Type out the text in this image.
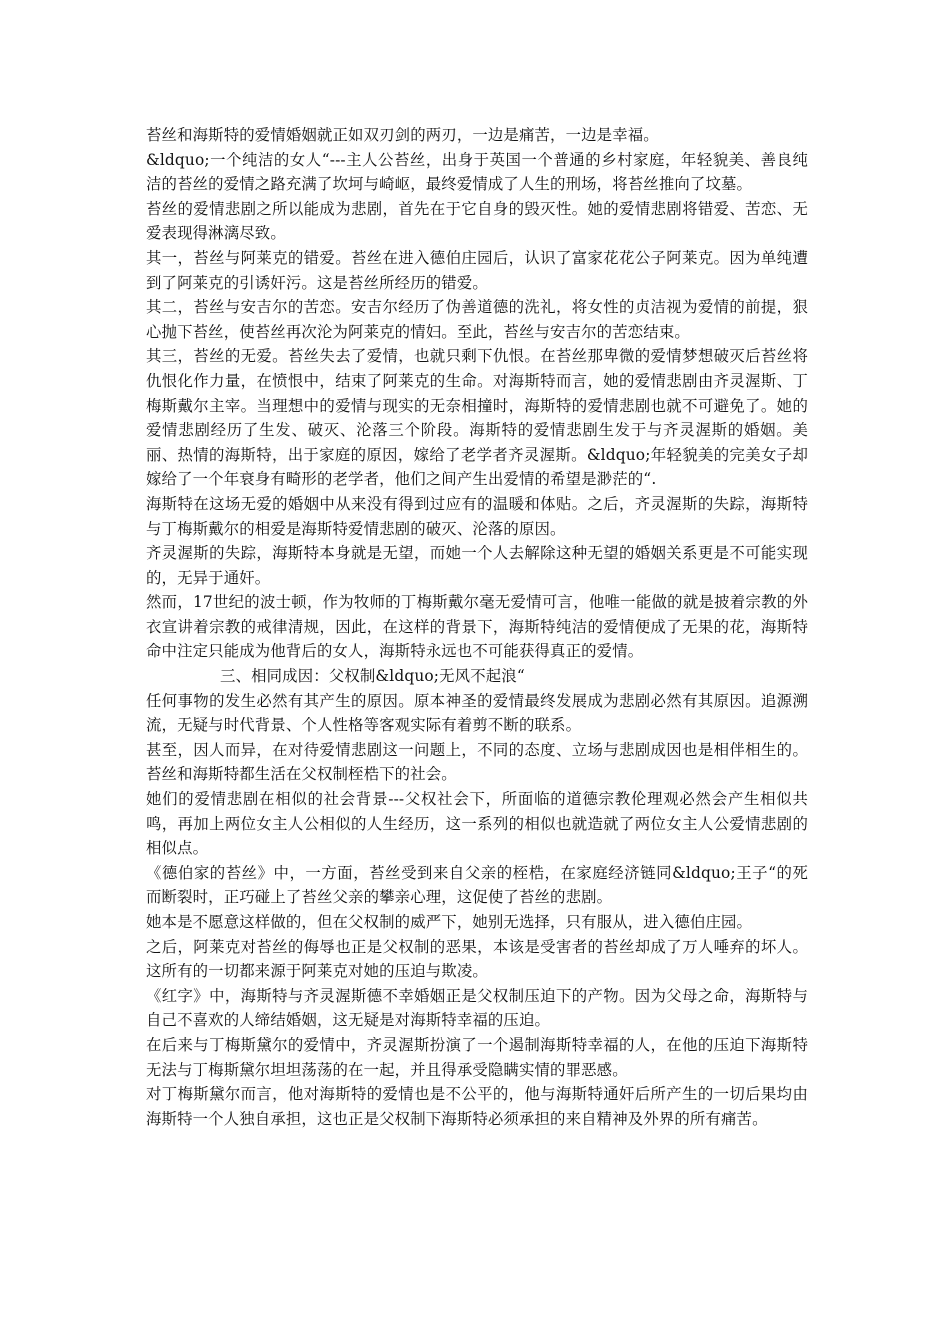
苔丝和海斯特的爱情婚姻就正如双刃剑的两刃，一边是痛苦，一边是幸福。

&ldquo;一个纯洁的女人“---主人公苔丝，出身于英国一个普通的乡村家庭，年轻貌美、善良纯洁的苔丝的爱情之路充满了坎坷与崎岖，最终爱情成了人生的刑场，将苔丝推向了坟墓。

苔丝的爱情悲剧之所以能成为悲剧，首先在于它自身的毁灭性。她的爱情悲剧将错爱、苦恋、无爱表现得淋漓尽致。

其一，苔丝与阿莱克的错爱。苔丝在进入德伯庄园后，认识了富家花花公子阿莱克。因为单纯遭到了阿莱克的引诱奸污。这是苔丝所经历的错爱。

其二，苔丝与安吉尔的苦恋。安吉尔经历了伪善道德的洗礼，将女性的贞洁视为爱情的前提，狠心抛下苔丝，使苔丝再次沦为阿莱克的情妇。至此，苔丝与安吉尔的苦恋结束。

其三，苔丝的无爱。苔丝失去了爱情，也就只剩下仇恨。在苔丝那卑微的爱情梦想破灭后苔丝将仇恨化作力量，在愤恨中，结束了阿莱克的生命。对海斯特而言，她的爱情悲剧由齐灵渥斯、丁梅斯戴尔主宰。当理想中的爱情与现实的无奈相撞时，海斯特的爱情悲剧也就不可避免了。她的爱情悲剧经历了生发、破灭、沦落三个阶段。海斯特的爱情悲剧生发于与齐灵渥斯的婚姻。美丽、热情的海斯特，出于家庭的原因，嫁给了老学者齐灵渥斯。&ldquo;年轻貌美的完美女子却嫁给了一个年衰身有畸形的老学者，他们之间产生出爱情的希望是渺茫的“.

海斯特在这场无爱的婚姻中从来没有得到过应有的温暖和体贴。之后，齐灵渥斯的失踪，海斯特与丁梅斯戴尔的相爱是海斯特爱情悲剧的破灭、沦落的原因。

齐灵渥斯的失踪，海斯特本身就是无望，而她一个人去解除这种无望的婚姻关系更是不可能实现的，无异于通奸。

然而，17世纪的波士顿，作为牧师的丁梅斯戴尔毫无爱情可言，他唯一能做的就是披着宗教的外衣宣讲着宗教的戒律清规，因此，在这样的背景下，海斯特纯洁的爱情便成了无果的花，海斯特命中注定只能成为他背后的女人，海斯特永远也不可能获得真正的爱情。

三、相同成因：父权制&ldquo;无风不起浪“

任何事物的发生必然有其产生的原因。原本神圣的爱情最终发展成为悲剧必然有其原因。追源溯流，无疑与时代背景、个人性格等客观实际有着剪不断的联系。

甚至，因人而异，在对待爱情悲剧这一问题上，不同的态度、立场与悲剧成因也是相伴相生的。苔丝和海斯特都生活在父权制桎梏下的社会。

她们的爱情悲剧在相似的社会背景---父权社会下，所面临的道德宗教伦理观必然会产生相似共鸣，再加上两位女主人公相似的人生经历，这一系列的相似也就造就了两位女主人公爱情悲剧的相似点。

《德伯家的苔丝》中，一方面，苔丝受到来自父亲的桎梏，在家庭经济链同&ldquo;王子“的死而断裂时，正巧碰上了苔丝父亲的攀亲心理，这促使了苔丝的悲剧。

她本是不愿意这样做的，但在父权制的威严下，她别无选择，只有服从，进入德伯庄园。

之后，阿莱克对苔丝的侮辱也正是父权制的恶果，本该是受害者的苔丝却成了万人唾弃的坏人。这所有的一切都来源于阿莱克对她的压迫与欺凌。

《红字》中，海斯特与齐灵渥斯德不幸婚姻正是父权制压迫下的产物。因为父母之命，海斯特与自己不喜欢的人缔结婚姻，这无疑是对海斯特幸福的压迫。

在后来与丁梅斯黛尔的爱情中，齐灵渥斯扮演了一个遏制海斯特幸福的人，在他的压迫下海斯特无法与丁梅斯黛尔坦坦荡荡的在一起，并且得承受隐瞒实情的罪恶感。

对丁梅斯黛尔而言，他对海斯特的爱情也是不公平的，他与海斯特通奸后所产生的一切后果均由海斯特一个人独自承担，这也正是父权制下海斯特必须承担的来自精神及外界的所有痛苦。
